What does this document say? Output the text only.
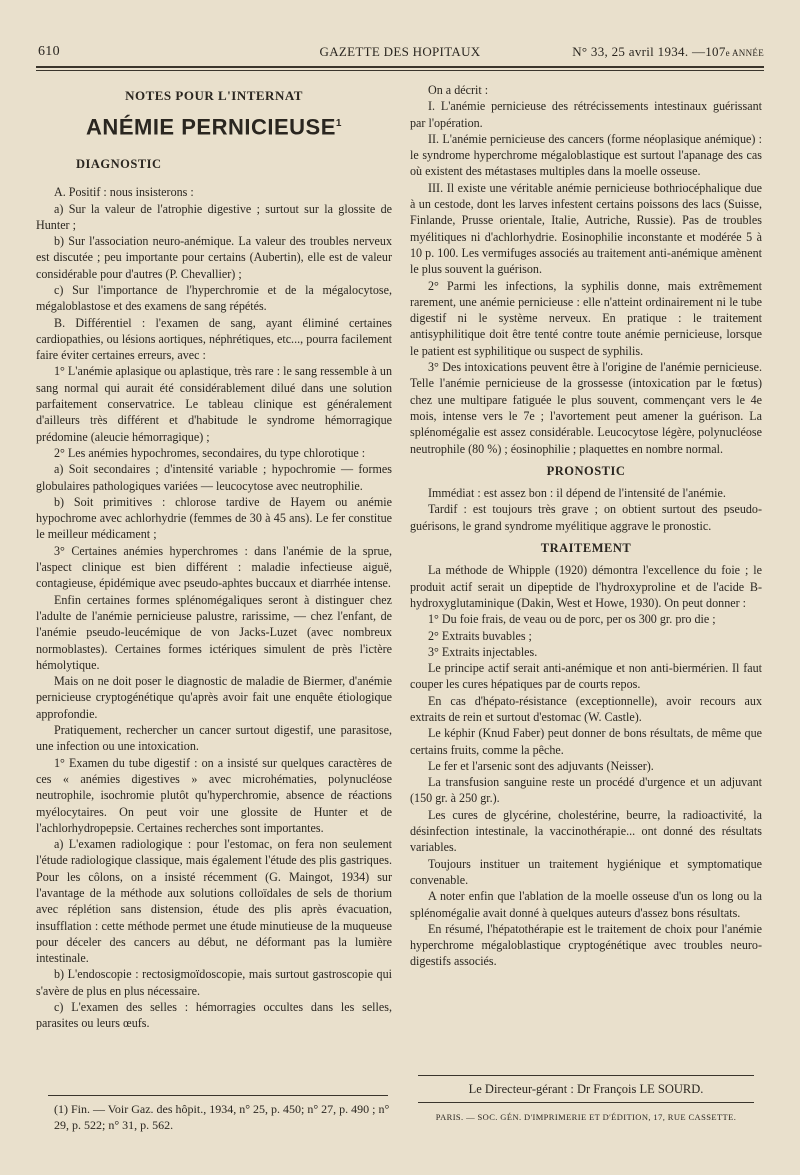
610	GAZETTE DES HOPITAUX	N° 33, 25 avril 1934. —107e ANNÉE
NOTES POUR L'INTERNAT
ANÉMIE PERNICIEUSE$^1$
DIAGNOSTIC

A. Positif : nous insisterons :

a) Sur la valeur de l'atrophie digestive ; surtout sur la glossite de Hunter ;

b) Sur l'association neuro-anémique. La valeur des troubles nerveux est discutée ; peu importante pour certains (Aubertin), elle est de valeur considérable pour d'autres (P. Chevallier) ;

c) Sur l'importance de l'hyperchromie et de la mégalocytose, mégaloblastose et des examens de sang répétés.

B. Différentiel : l'examen de sang, ayant éliminé certaines cardiopathies, ou lésions aortiques, néphrétiques, etc..., pourra facilement faire éviter certaines erreurs, avec :

1° L'anémie aplasique ou aplastique, très rare : le sang ressemble à un sang normal qui aurait été considérablement dilué dans une solution parfaitement conservatrice. Le tableau clinique est généralement d'ailleurs très différent et d'habitude le syndrome hémorragique prédomine (aleucie hémorragique) ;

2° Les anémies hypochromes, secondaires, du type chlorotique :

a) Soit secondaires ; d'intensité variable ; hypochromie — formes globulaires pathologiques variées — leucocytose avec neutrophilie.

b) Soit primitives : chlorose tardive de Hayem ou anémie hypochrome avec achlorhydrie (femmes de 30 à 45 ans). Le fer constitue le meilleur médicament ;

3° Certaines anémies hyperchromes : dans l'anémie de la sprue, l'aspect clinique est bien différent : maladie infectieuse aiguë, contagieuse, épidémique avec pseudo-aphtes buccaux et diarrhée intense.

Enfin certaines formes splénomégaliques seront à distinguer chez l'adulte de l'anémie pernicieuse palustre, rarissime, — chez l'enfant, de l'anémie pseudo-leucémique de von Jacks-Luzet (avec nombreux normoblastes). Certaines formes ictériques simulent de près l'ictère hémolytique.

Mais on ne doit poser le diagnostic de maladie de Biermer, d'anémie pernicieuse cryptogénétique qu'après avoir fait une enquête étiologique approfondie.

Pratiquement, rechercher un cancer surtout digestif, une parasitose, une infection ou une intoxication.

1° Examen du tube digestif : on a insisté sur quelques caractères de ces « anémies digestives » avec microhématies, polynucléose neutrophile, isochromie plutôt qu'hyperchromie, absence de réactions myélocytaires. On peut voir une glossite de Hunter et de l'achlorhydropepsie. Certaines recherches sont importantes.

a) L'examen radiologique : pour l'estomac, on fera non seulement l'étude radiologique classique, mais également l'étude des plis gastriques. Pour les côlons, on a insisté récemment (G. Maingot, 1934) sur l'avantage de la méthode aux solutions colloïdales de sels de thorium avec réplétion sans distension, étude des plis après évacuation, insufflation : cette méthode permet une étude minutieuse de la muqueuse pour déceler des cancers au début, ne déformant pas la lumière intestinale.

b) L'endoscopie : rectosigmoïdoscopie, mais surtout gastroscopie qui s'avère de plus en plus nécessaire.

c) L'examen des selles : hémorragies occultes dans les selles, parasites ou leurs œufs.

(1) Fin. — Voir Gaz. des hôpit., 1934, n° 25, p. 450; n° 27, p. 490 ; n° 29, p. 522; n° 31, p. 562.

On a décrit :

I. L'anémie pernicieuse des rétrécissements intestinaux guérissant par l'opération.

II. L'anémie pernicieuse des cancers (forme néoplasique anémique) : le syndrome hyperchrome mégaloblastique est surtout l'apanage des cas où existent des métastases multiples dans la moelle osseuse.

III. Il existe une véritable anémie pernicieuse bothriocéphalique due à un cestode, dont les larves infestent certains poissons des lacs (Suisse, Finlande, Prusse orientale, Italie, Autriche, Russie). Pas de troubles myélitiques ni d'achlorhydrie. Eosinophilie inconstante et modérée 5 à 10 p. 100. Les vermifuges associés au traitement anti-anémique amènent le plus souvent la guérison.

2° Parmi les infections, la syphilis donne, mais extrêmement rarement, une anémie pernicieuse : elle n'atteint ordinairement ni le tube digestif ni le système nerveux. En pratique : le traitement antisyphilitique doit être tenté contre toute anémie pernicieuse, lorsque le patient est syphilitique ou suspect de syphilis.

3° Des intoxications peuvent être à l'origine de l'anémie pernicieuse. Telle l'anémie pernicieuse de la grossesse (intoxication par le fœtus) chez une multipare fatiguée le plus souvent, commençant vers le 4e mois, intense vers le 7e ; l'avortement peut amener la guérison. La splénomégalie est assez considérable. Leucocytose légère, polynucléose neutrophile (80 %) ; éosinophilie ; plaquettes en nombre normal.

PRONOSTIC

Immédiat : est assez bon : il dépend de l'intensité de l'anémie.

Tardif : est toujours très grave ; on obtient surtout des pseudo-guérisons, le grand syndrome myélitique aggrave le pronostic.

TRAITEMENT

La méthode de Whipple (1920) démontra l'excellence du foie ; le produit actif serait un dipeptide de l'hydroxyproline et de l'acide B-hydroxyglutaminique (Dakin, West et Howe, 1930). On peut donner :

1° Du foie frais, de veau ou de porc, per os 300 gr. pro die ;

2° Extraits buvables ;

3° Extraits injectables.

Le principe actif serait anti-anémique et non anti-biermérien. Il faut couper les cures hépatiques par de courts repos.

En cas d'hépato-résistance (exceptionnelle), avoir recours aux extraits de rein et surtout d'estomac (W. Castle).

Le képhir (Knud Faber) peut donner de bons résultats, de même que certains fruits, comme la pêche.

Le fer et l'arsenic sont des adjuvants (Neisser).

La transfusion sanguine reste un procédé d'urgence et un adjuvant (150 gr. à 250 gr.).

Les cures de glycérine, cholestérine, beurre, la radioactivité, la désinfection intestinale, la vaccinothérapie... ont donné des résultats variables.

Toujours instituer un traitement hygiénique et symptomatique convenable.

A noter enfin que l'ablation de la moelle osseuse d'un os long ou la splénomégalie avait donné à quelques auteurs d'assez bons résultats.

En résumé, l'hépatothérapie est le traitement de choix pour l'anémie hyperchrome mégaloblastique cryptogénétique avec troubles neuro-digestifs associés.

Le Directeur-gérant : Dr François LE SOURD.
PARIS. — SOC. GÉN. D'IMPRIMERIE ET D'ÉDITION, 17, RUE CASSETTE.
